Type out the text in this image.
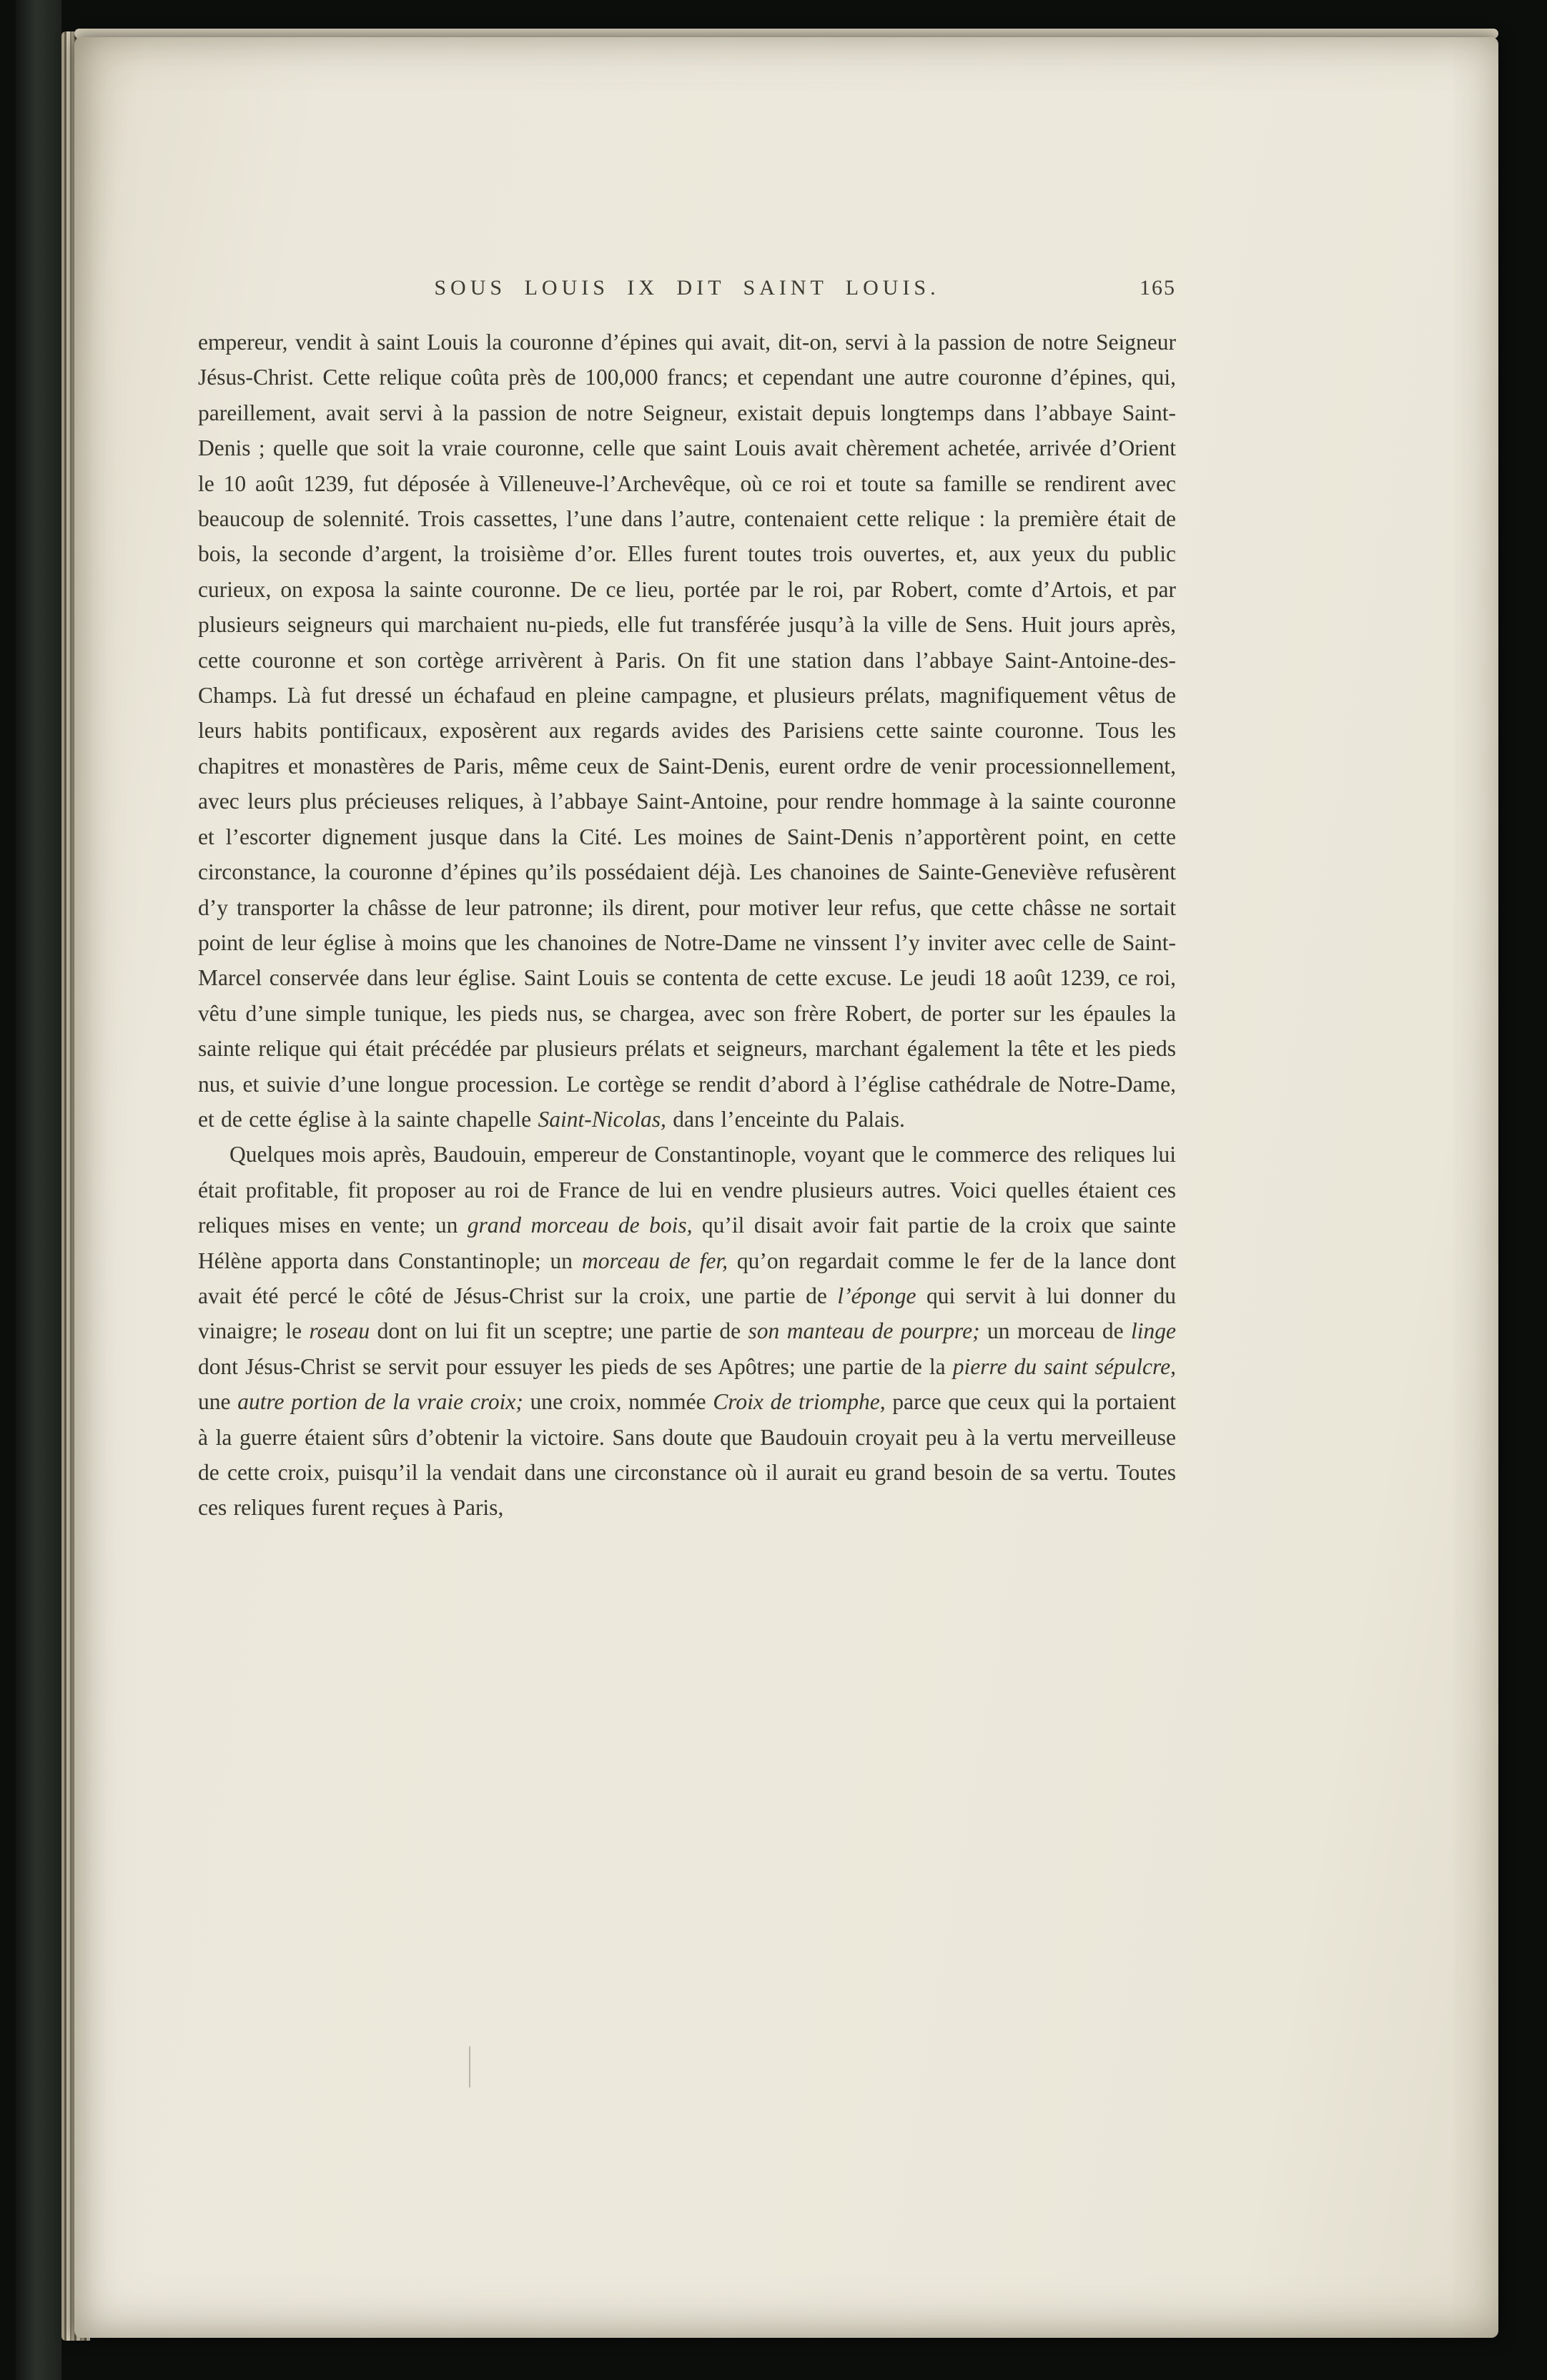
SOUS LOUIS IX DIT SAINT LOUIS.	165

empereur, vendit à saint Louis la couronne d’épines qui avait, dit-on, servi à la passion de notre Seigneur Jésus-Christ. Cette relique coûta près de 100,000 francs; et cependant une autre couronne d’épines, qui, pareillement, avait servi à la passion de notre Seigneur, existait depuis longtemps dans l’abbaye Saint-Denis ; quelle que soit la vraie couronne, celle que saint Louis avait chèrement achetée, arrivée d’Orient le 10 août 1239, fut déposée à Villeneuve-l’Archevêque, où ce roi et toute sa famille se rendirent avec beaucoup de solennité. Trois cassettes, l’une dans l’autre, contenaient cette relique : la première était de bois, la seconde d’argent, la troisième d’or. Elles furent toutes trois ouvertes, et, aux yeux du public curieux, on exposa la sainte couronne. De ce lieu, portée par le roi, par Robert, comte d’Artois, et par plusieurs seigneurs qui marchaient nu-pieds, elle fut transférée jusqu’à la ville de Sens. Huit jours après, cette couronne et son cortège arrivèrent à Paris. On fit une station dans l’abbaye Saint-Antoine-des-Champs. Là fut dressé un échafaud en pleine campagne, et plusieurs prélats, magnifiquement vêtus de leurs habits pontificaux, exposèrent aux regards avides des Parisiens cette sainte couronne. Tous les chapitres et monastères de Paris, même ceux de Saint-Denis, eurent ordre de venir processionnellement, avec leurs plus précieuses reliques, à l’abbaye Saint-Antoine, pour rendre hommage à la sainte couronne et l’escorter dignement jusque dans la Cité. Les moines de Saint-Denis n’apportèrent point, en cette circonstance, la couronne d’épines qu’ils possédaient déjà. Les chanoines de Sainte-Geneviève refusèrent d’y transporter la châsse de leur patronne; ils dirent, pour motiver leur refus, que cette châsse ne sortait point de leur église à moins que les chanoines de Notre-Dame ne vinssent l’y inviter avec celle de Saint-Marcel conservée dans leur église. Saint Louis se contenta de cette excuse. Le jeudi 18 août 1239, ce roi, vêtu d’une simple tunique, les pieds nus, se chargea, avec son frère Robert, de porter sur les épaules la sainte relique qui était précédée par plusieurs prélats et seigneurs, marchant également la tête et les pieds nus, et suivie d’une longue procession. Le cortège se rendit d’abord à l’église cathédrale de Notre-Dame, et de cette église à la sainte chapelle Saint-Nicolas, dans l’enceinte du Palais.

Quelques mois après, Baudouin, empereur de Constantinople, voyant que le commerce des reliques lui était profitable, fit proposer au roi de France de lui en vendre plusieurs autres. Voici quelles étaient ces reliques mises en vente; un grand morceau de bois, qu’il disait avoir fait partie de la croix que sainte Hélène apporta dans Constantinople; un morceau de fer, qu’on regardait comme le fer de la lance dont avait été percé le côté de Jésus-Christ sur la croix, une partie de l’éponge qui servit à lui donner du vinaigre; le roseau dont on lui fit un sceptre; une partie de son manteau de pourpre; un morceau de linge dont Jésus-Christ se servit pour essuyer les pieds de ses Apôtres; une partie de la pierre du saint sépulcre, une autre portion de la vraie croix; une croix, nommée Croix de triomphe, parce que ceux qui la portaient à la guerre étaient sûrs d’obtenir la victoire. Sans doute que Baudouin croyait peu à la vertu merveilleuse de cette croix, puisqu’il la vendait dans une circonstance où il aurait eu grand besoin de sa vertu. Toutes ces reliques furent reçues à Paris,
